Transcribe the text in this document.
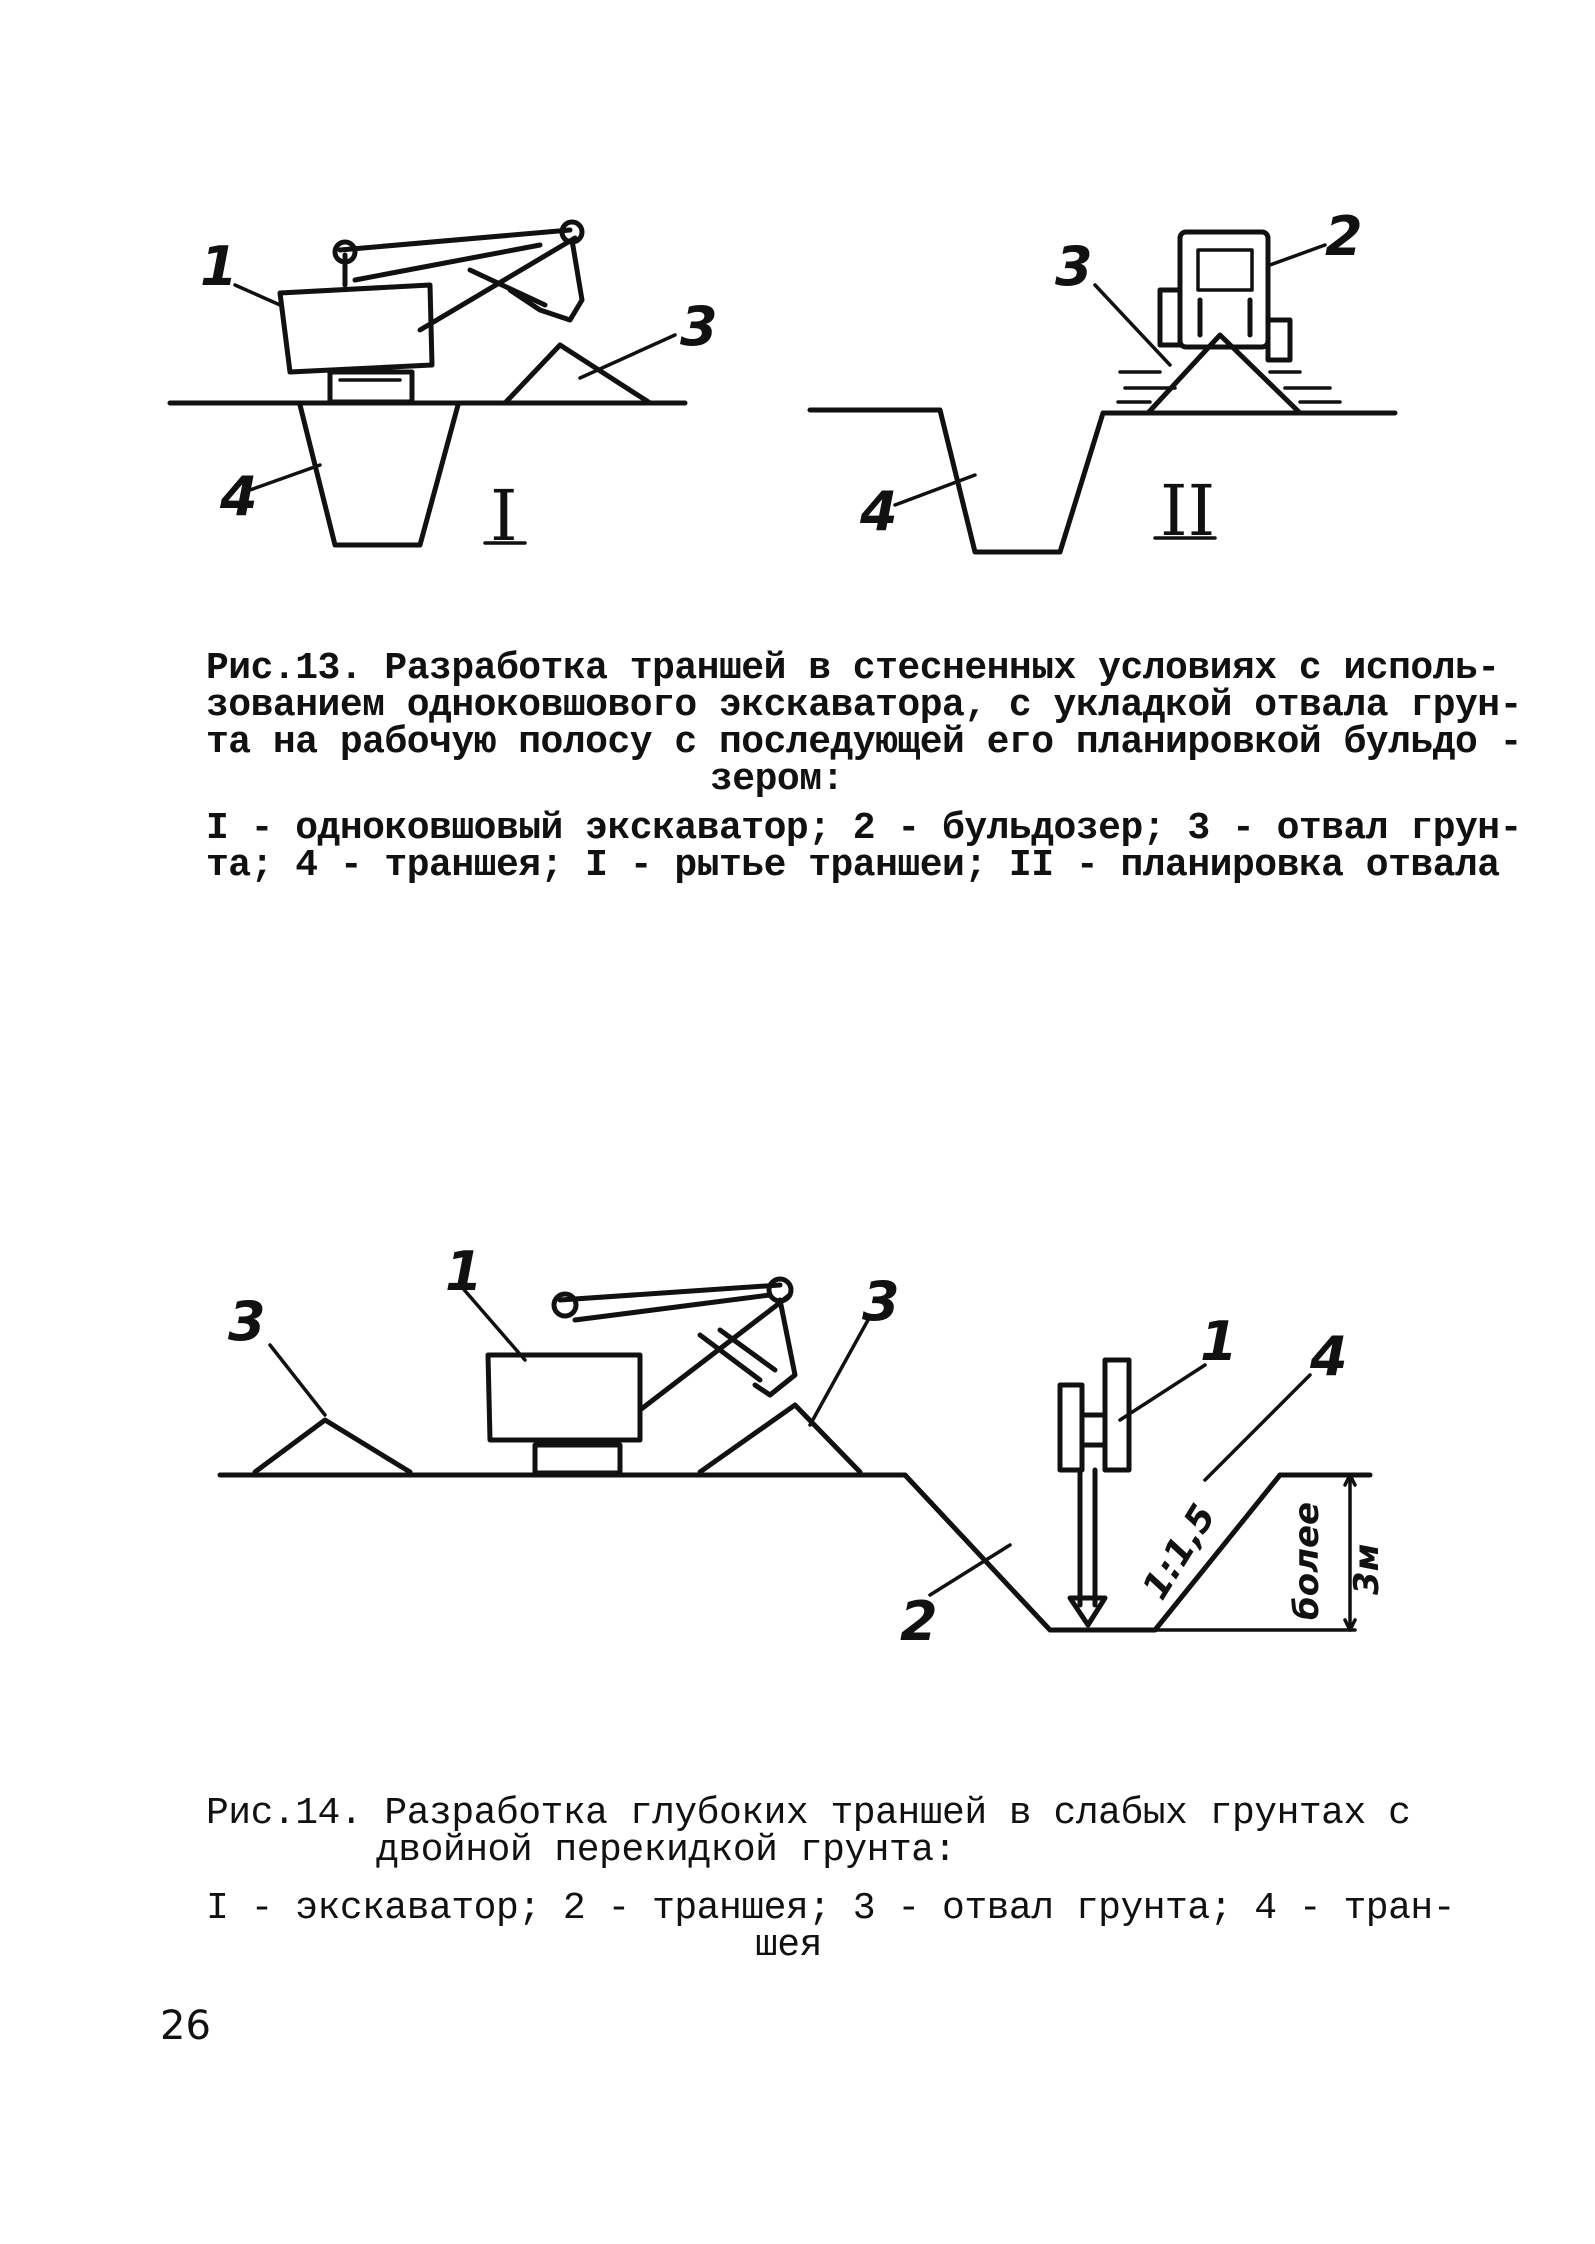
1
3
4	I
2
3
4	II
Рис.13. Разработка траншей в стесненных условиях с исполь-
зованием одноковшового экскаватора, с укладкой отвала грун-
та на рабочую полосу с последующей его планировкой бульдо -
зером:
I - одноковшовый экскаватор; 2 - бульдозер; 3 - отвал грун-
та; 4 - траншея; I - рытье траншеи; II - планировка отвала
3
1	3
1 4
2
1:1,5 более 3м
Рис.14. Разработка глубоких траншей в слабых грунтах с
двойной перекидкой грунта:
I - экскаватор; 2 - траншея; 3 - отвал грунта; 4 - тран-
шея
26
